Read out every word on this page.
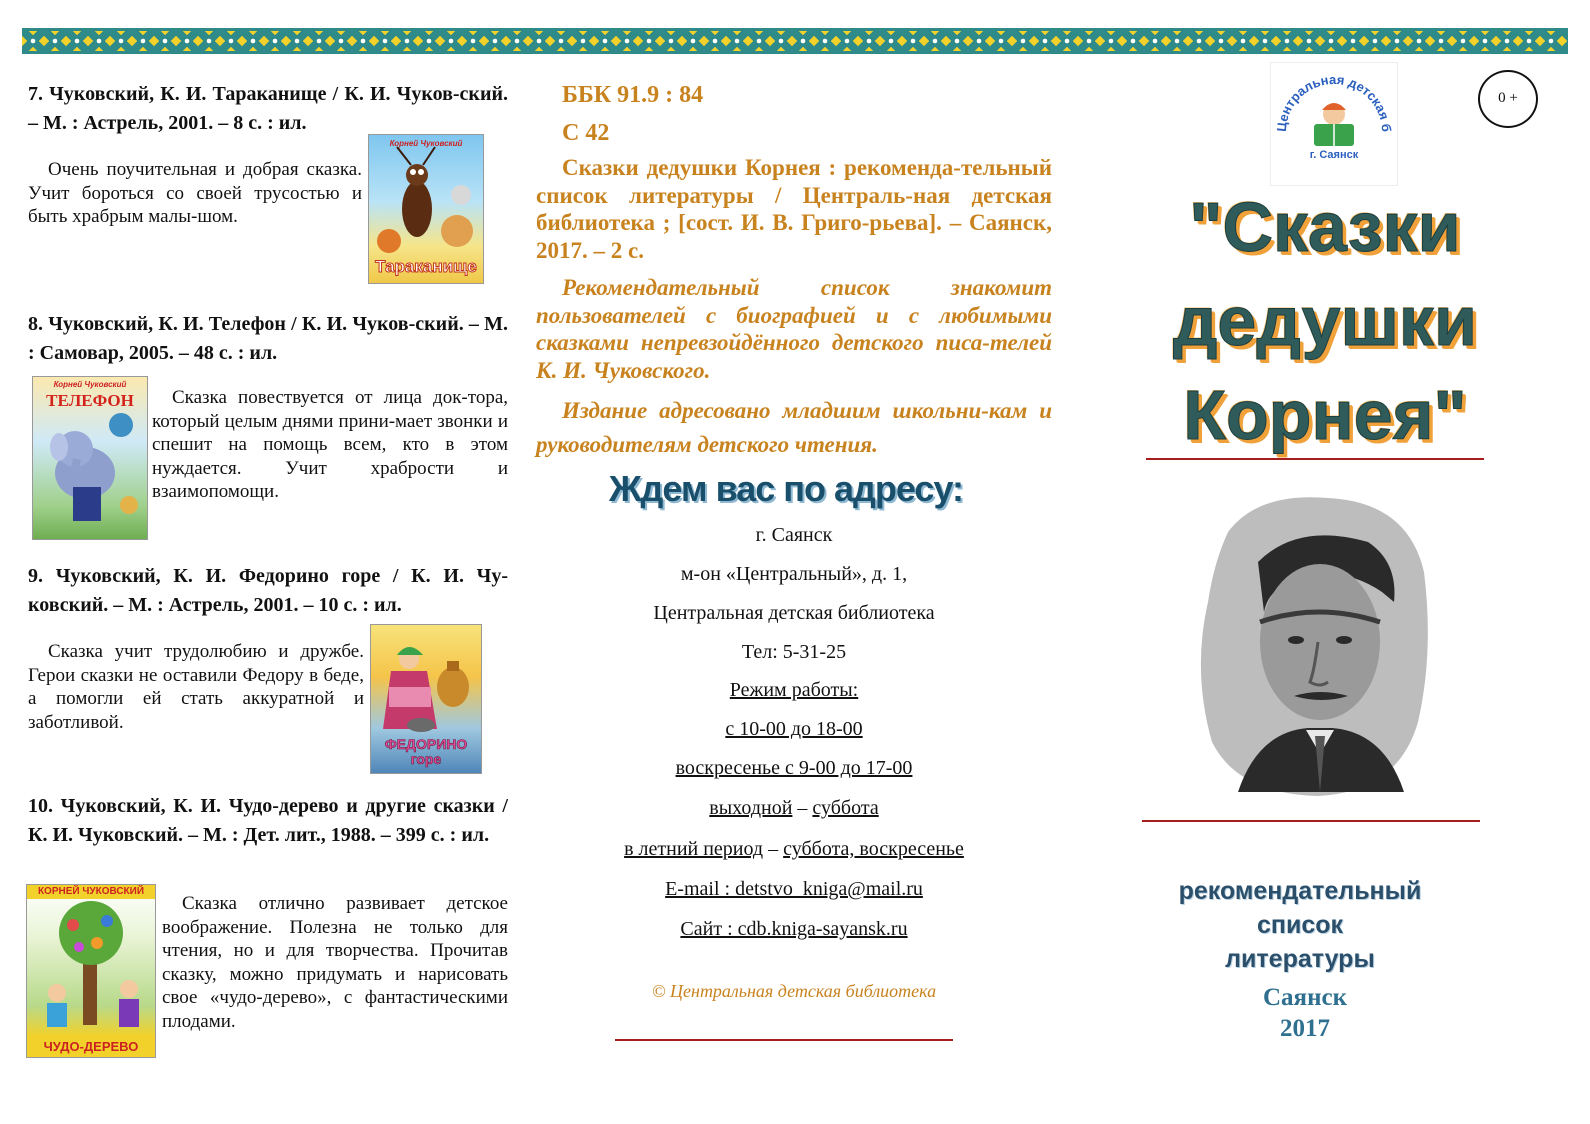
7. Чуковский, К. И. Тараканище / К. И. Чуков-ский. – М. : Астрель, 2001. – 8 с. : ил.

Очень поучительная и добрая сказка. Учит бороться со своей трусостью и быть храбрым малы-шом.

Корней Чуковский
Тараканище

8. Чуковский, К. И. Телефон / К. И. Чуков-ский. – М. : Самовар, 2005. – 48 с. : ил.

Корней Чуковский
ТЕЛЕФОН	Сказка повествуется от лица док-тора, который целым днями прини-мает звонки и спешит на помощь всем, кто в этом нуждается. Учит храбрости и взаимопомощи.

9. Чуковский, К. И. Федорино горе / К. И. Чу-ковский. – М. : Астрель, 2001. – 10 с. : ил.

Сказка учит трудолюбию и дружбе. Герои сказки не оставили Федору в беде, а помогли ей стать аккуратной и заботливой.

ФЕДОРИНО горе

10. Чуковский, К. И. Чудо-дерево и другие сказки / К. И. Чуковский. – М. : Дет. лит., 1988. – 399 с. : ил.

КОРНЕЙ ЧУКОВСКИЙ
ЧУДО-ДЕРЕВО

Сказка отлично развивает детское воображение. Полезна не только для чтения, но и для творчества. Прочитав сказку, можно придумать и нарисовать свое «чудо-дерево», с фантастическими плодами.

ББК 91.9 : 84

С 42

Сказки дедушки Корнея : рекоменда-тельный список литературы / Централь-ная детская библиотека ; [сост. И. В. Григо-рьева]. – Саянск, 2017. – 2 с.

Рекомендательный список знакомит пользователей с биографией и с любимыми сказками непревзойдённого детского писа-телей К. И. Чуковского.

Издание адресовано младшим школьни-кам и руководителям детского чтения.

Ждем вас по адресу:

г. Саянск

м-он «Центральный», д. 1,

Центральная детская библиотека

Тел: 5-31-25

Режим работы:

с 10-00 до 18-00

воскресенье с 9-00 до 17-00

выходной – суббота

в летний период – суббота, воскресенье

E-mail : detstvo_kniga@mail.ru

Сайт : cdb.kniga-sayansk.ru

© Центральная детская библиотека

Центральная детская б
г. Саянск
0 +

"Сказки

дедушки

Корнея"

рекомендательный список

литературы

Саянск

2017
